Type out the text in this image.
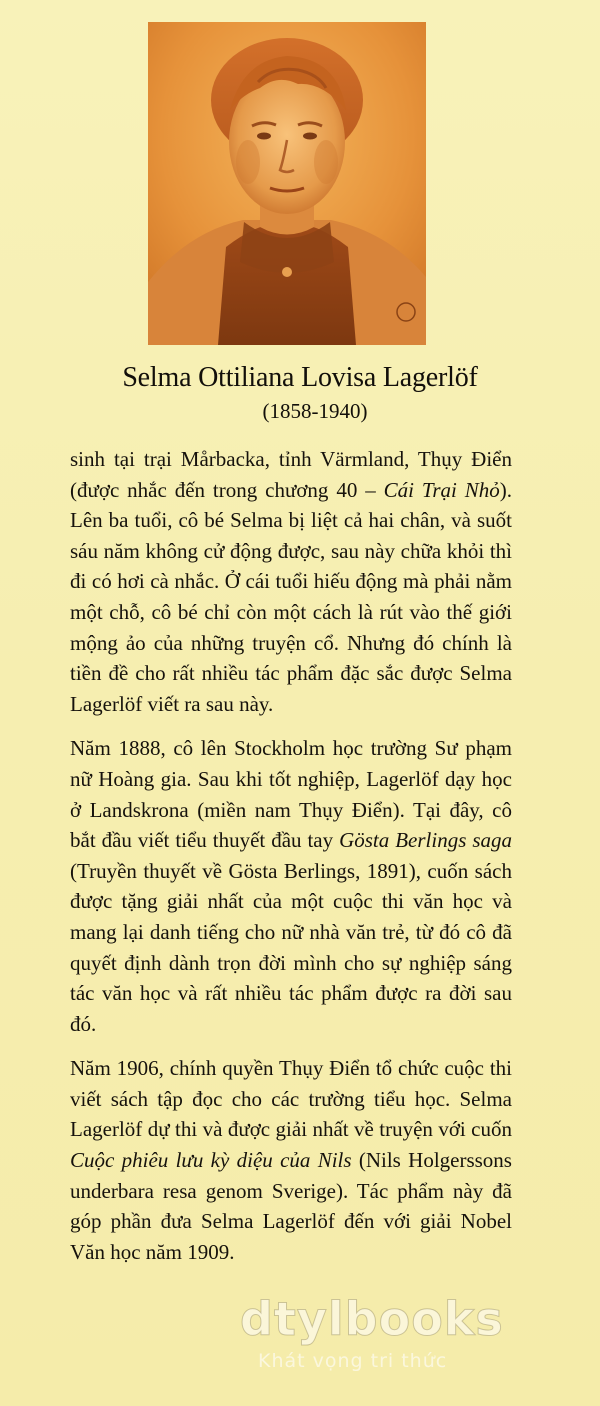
Selma Ottiliana Lovisa Lagerlöf
(1858-1940)

sinh tại trại Mårbacka, tỉnh Värmland, Thụy Điển (được nhắc đến trong chương 40 – Cái Trại Nhỏ). Lên ba tuổi, cô bé Selma bị liệt cả hai chân, và suốt sáu năm không cử động được, sau này chữa khỏi thì đi có hơi cà nhắc. Ở cái tuổi hiếu động mà phải nằm một chỗ, cô bé chỉ còn một cách là rút vào thế giới mộng ảo của những truyện cổ. Nhưng đó chính là tiền đề cho rất nhiều tác phẩm đặc sắc được Selma Lagerlöf viết ra sau này.

Năm 1888, cô lên Stockholm học trường Sư phạm nữ Hoàng gia. Sau khi tốt nghiệp, Lagerlöf dạy học ở Landskrona (miền nam Thụy Điển). Tại đây, cô bắt đầu viết tiểu thuyết đầu tay Gösta Berlings saga (Truyền thuyết về Gösta Berlings, 1891), cuốn sách được tặng giải nhất của một cuộc thi văn học và mang lại danh tiếng cho nữ nhà văn trẻ, từ đó cô đã quyết định dành trọn đời mình cho sự nghiệp sáng tác văn học và rất nhiều tác phẩm được ra đời sau đó.

Năm 1906, chính quyền Thụy Điển tổ chức cuộc thi viết sách tập đọc cho các trường tiểu học. Selma Lagerlöf dự thi và được giải nhất về truyện với cuốn Cuộc phiêu lưu kỳ diệu của Nils (Nils Holgerssons underbara resa genom Sverige). Tác phẩm này đã góp phần đưa Selma Lagerlöf đến với giải Nobel Văn học năm 1909.

dtylbooks
Khát vọng tri thức
